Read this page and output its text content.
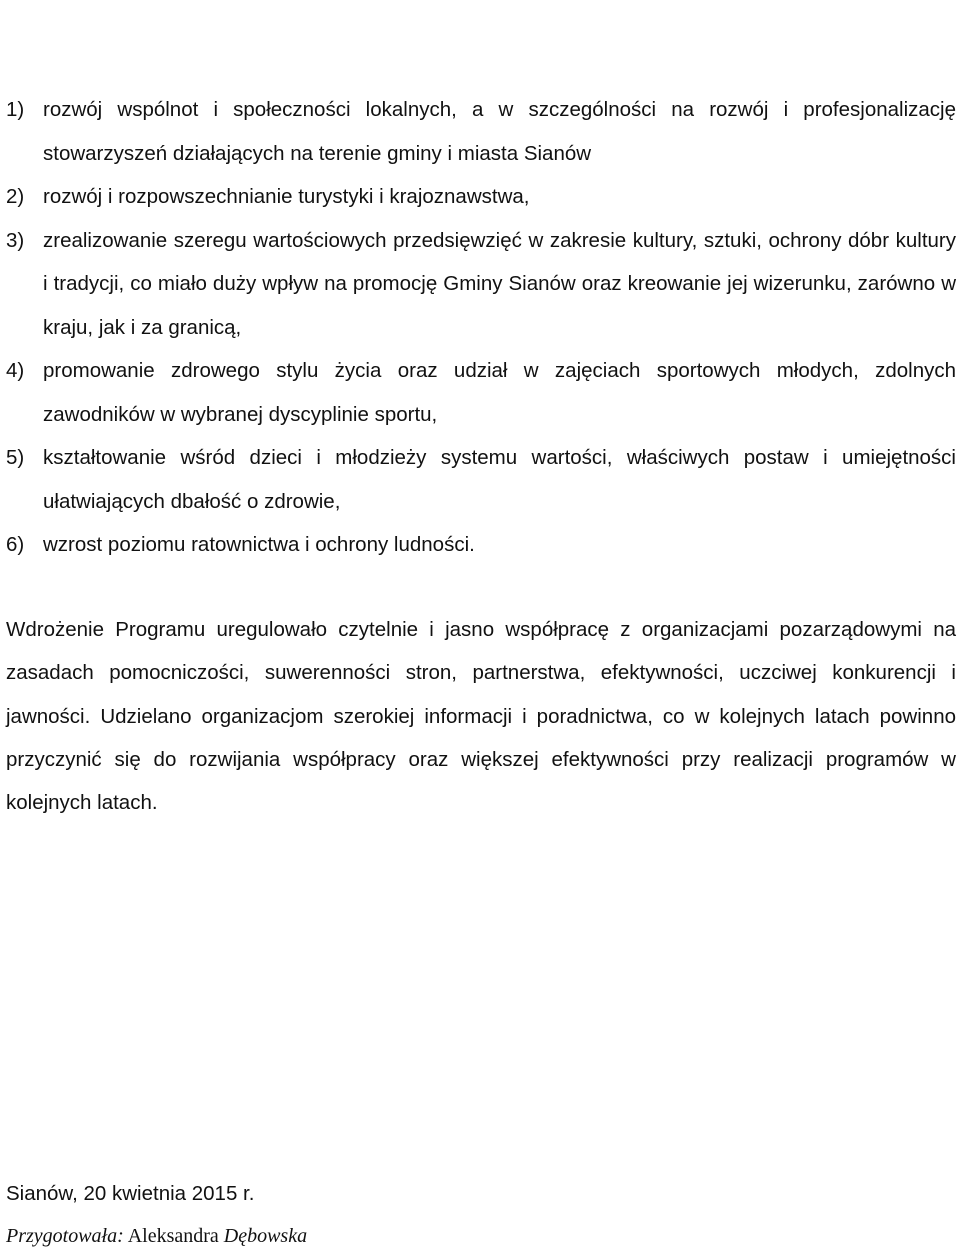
1) rozwój wspólnot i społeczności lokalnych, a w szczególności na rozwój i profesjonalizację stowarzyszeń działających na terenie gminy i miasta Sianów
2) rozwój i rozpowszechnianie turystyki i krajoznawstwa,
3) zrealizowanie szeregu wartościowych przedsięwzięć w zakresie kultury, sztuki, ochrony dóbr kultury i tradycji, co miało duży wpływ na promocję Gminy Sianów oraz kreowanie jej wizerunku, zarówno w kraju, jak i za granicą,
4) promowanie zdrowego stylu życia oraz udział w zajęciach sportowych młodych, zdolnych zawodników w wybranej dyscyplinie sportu,
5) kształtowanie wśród dzieci i młodzieży systemu wartości, właściwych postaw i umiejętności ułatwiających dbałość o zdrowie,
6) wzrost poziomu ratownictwa i ochrony ludności.

Wdrożenie Programu uregulowało czytelnie i jasno współpracę z organizacjami pozarządowymi na zasadach pomocniczości, suwerenności stron, partnerstwa, efektywności, uczciwej konkurencji i jawności. Udzielano organizacjom szerokiej informacji i poradnictwa, co w kolejnych latach powinno przyczynić się do rozwijania współpracy oraz większej efektywności przy realizacji programów w kolejnych latach.

Sianów, 20 kwietnia 2015 r.

Przygotowała: Aleksandra Dębowska
